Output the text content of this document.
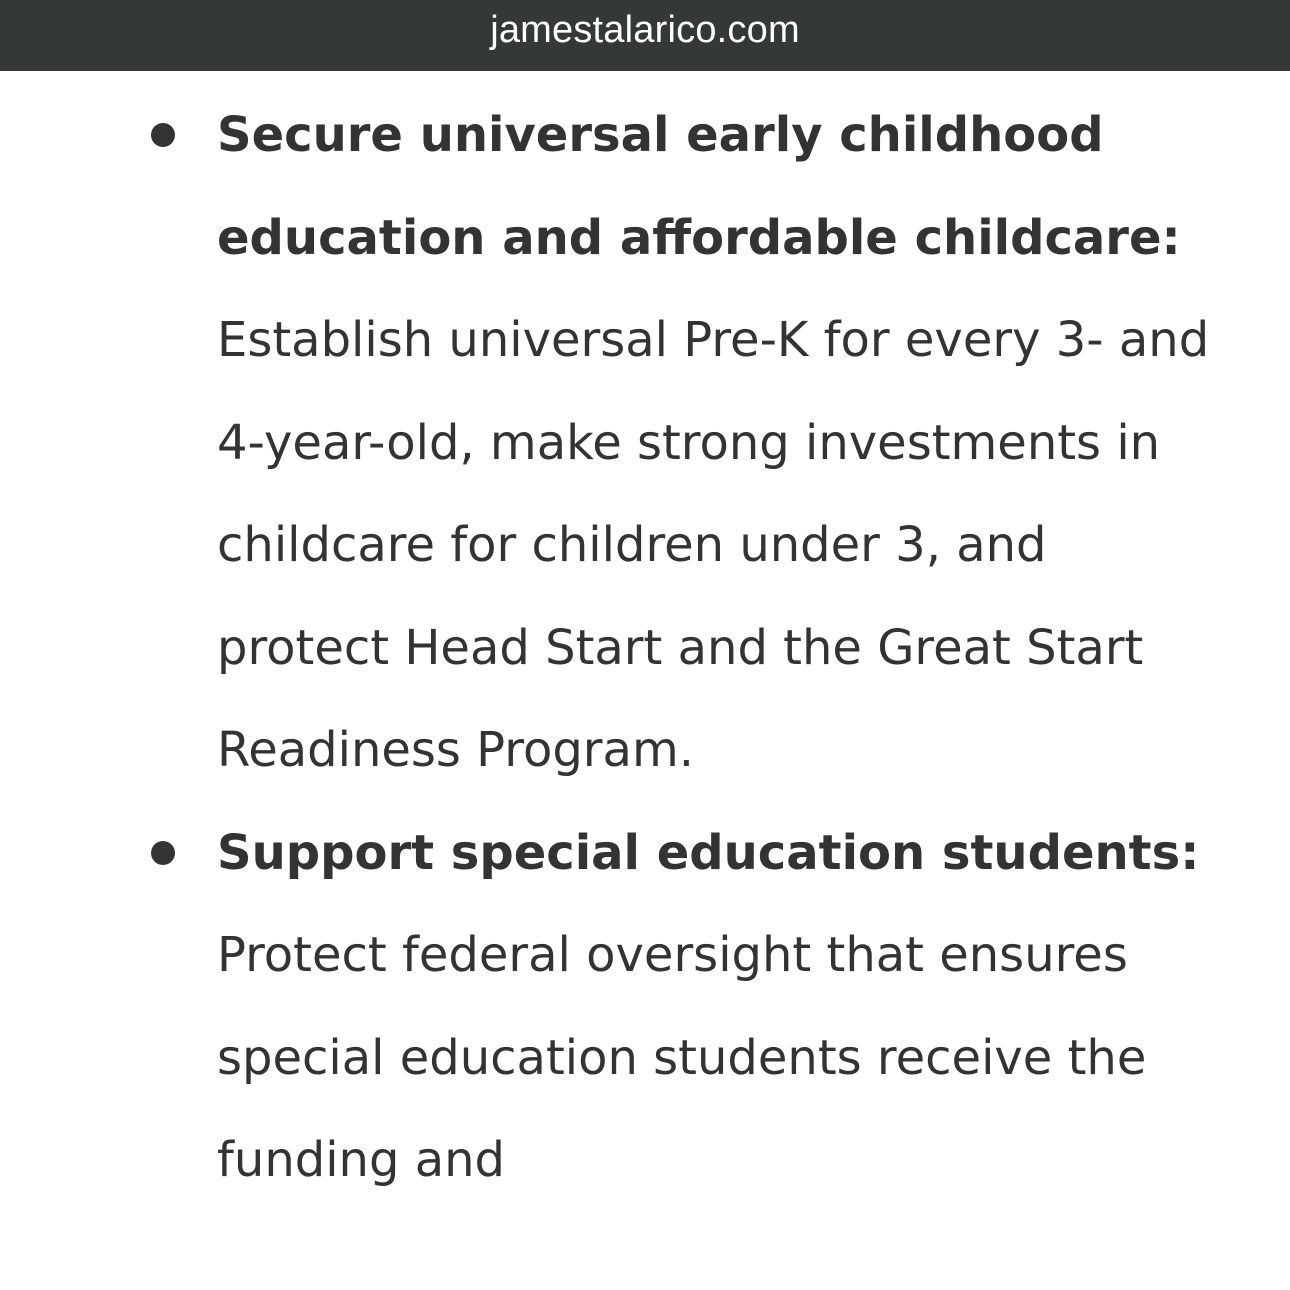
jamestalarico.com
Secure universal early childhood education and affordable childcare: Establish universal Pre-K for every 3- and 4-year-old, make strong investments in childcare for children under 3, and protect Head Start and the Great Start Readiness Program.
Support special education students: Protect federal oversight that ensures special education students receive the funding and
